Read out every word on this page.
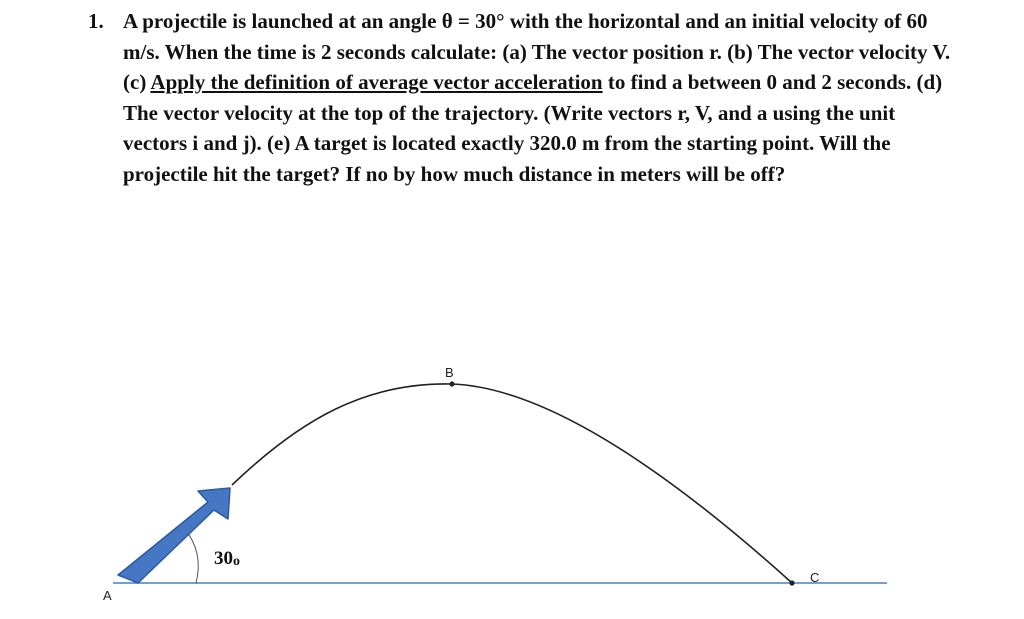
1. A projectile is launched at an angle θ = 30° with the horizontal and an initial velocity of 60 m/s. When the time is 2 seconds calculate: (a) The vector position r. (b) The vector velocity V. (c) Apply the definition of average vector acceleration to find a between 0 and 2 seconds. (d) The vector velocity at the top of the trajectory. (Write vectors r, V, and a using the unit vectors i and j). (e) A target is located exactly 320.0 m from the starting point. Will the projectile hit the target? If no by how much distance in meters will be off?
B
C
A
30o
